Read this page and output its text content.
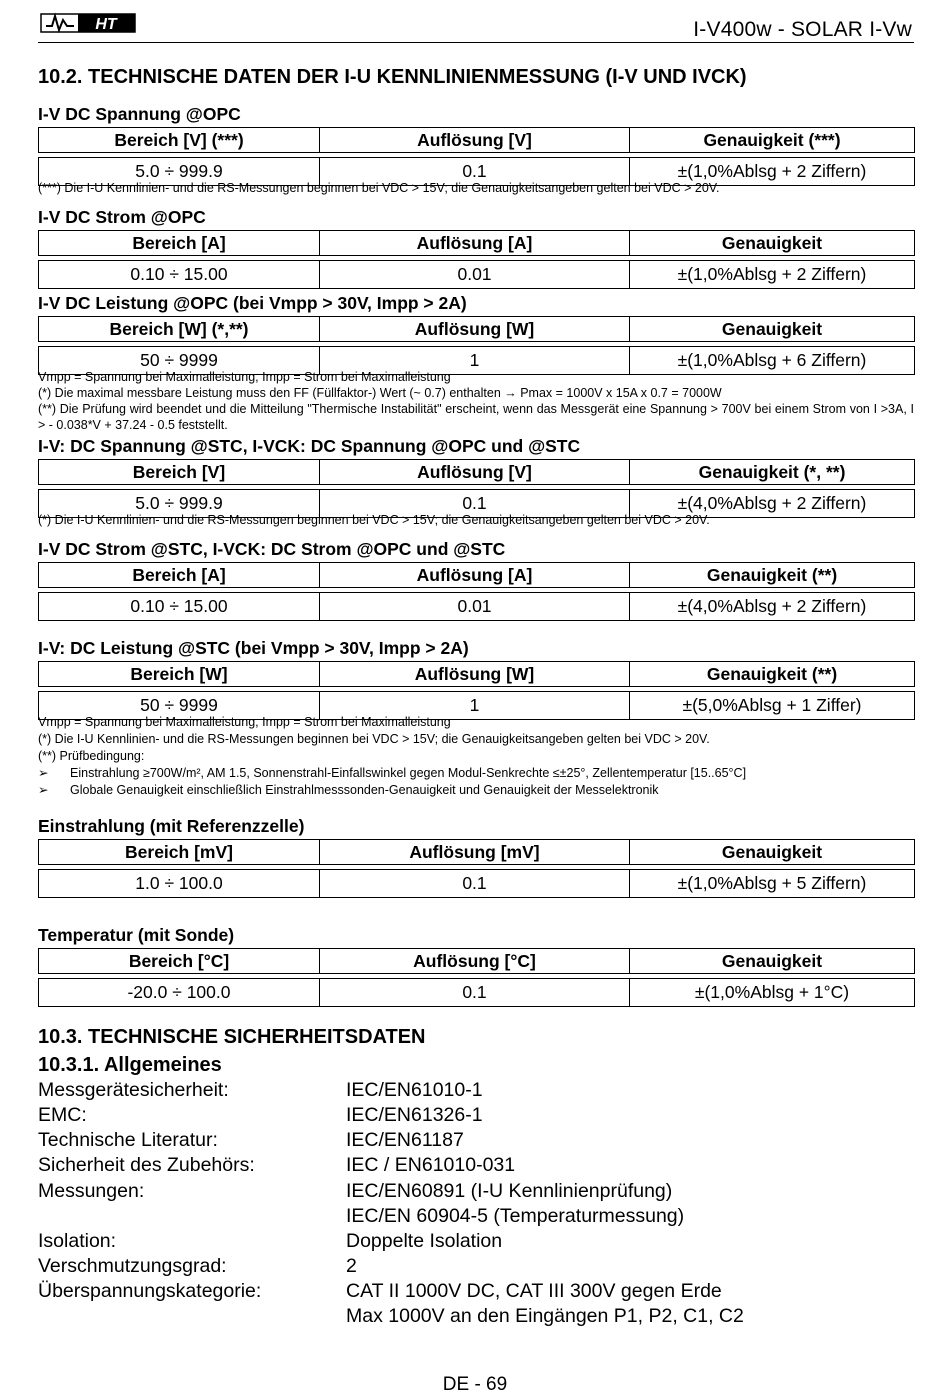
HT	I-V400w - SOLAR I-Vw
10.2. TECHNISCHE DATEN DER I-U KENNLINIENMESSUNG (I-V UND IVCK)
I-V DC Spannung @OPC
Bereich [V] (***)	Auflösung [V]	Genauigkeit (***)

5.0 ÷ 999.9	0.1	±(1,0%Ablsg + 2 Ziffern)
(***) Die I-U Kennlinien- und die RS-Messungen beginnen bei VDC > 15V; die Genauigkeitsangeben gelten bei VDC > 20V.
I-V DC Strom @OPC
Bereich [A]	Auflösung [A]	Genauigkeit

0.10 ÷ 15.00	0.01	±(1,0%Ablsg + 2 Ziffern)
I-V DC Leistung @OPC (bei Vmpp > 30V, Impp > 2A)
Bereich [W] (*,**)	Auflösung [W]	Genauigkeit

50 ÷ 9999	1	±(1,0%Ablsg + 6 Ziffern)
Vmpp = Spannung bei Maximalleistung, Impp = Strom bei Maximalleistung
(*) Die maximal messbare Leistung muss den FF (Füllfaktor-) Wert (~ 0.7) enthalten → Pmax = 1000V x 15A x 0.7 = 7000W
(**) Die Prüfung wird beendet und die Mitteilung "Thermische Instabilität" erscheint, wenn das Messgerät eine Spannung > 700V bei einem Strom von I >3A, I > - 0.038*V + 37.24 - 0.5 feststellt.
I-V: DC Spannung @STC, I-VCK: DC Spannung @OPC und @STC
Bereich [V]	Auflösung [V]	Genauigkeit (*, **)

5.0 ÷ 999.9	0.1	±(4,0%Ablsg + 2 Ziffern)
(*) Die I-U Kennlinien- und die RS-Messungen beginnen bei VDC > 15V; die Genauigkeitsangeben gelten bei VDC > 20V.
I-V DC Strom @STC, I-VCK: DC Strom @OPC und @STC
Bereich [A]	Auflösung [A]	Genauigkeit (**)

0.10 ÷ 15.00	0.01	±(4,0%Ablsg + 2 Ziffern)
I-V: DC Leistung @STC (bei Vmpp > 30V, Impp > 2A)
Bereich [W]	Auflösung [W]	Genauigkeit (**)

50 ÷ 9999	1	±(5,0%Ablsg + 1 Ziffer)
Vmpp = Spannung bei Maximalleistung, Impp = Strom bei Maximalleistung
(*) Die I-U Kennlinien- und die RS-Messungen beginnen bei VDC > 15V; die Genauigkeitsangeben gelten bei VDC > 20V.
(**) Prüfbedingung:
➢ Einstrahlung ≥700W/m², AM 1.5, Sonnenstrahl-Einfallswinkel gegen Modul-Senkrechte ≤±25°, Zellentemperatur [15..65°C]
➢ Globale Genauigkeit einschließlich Einstrahlmesssonden-Genauigkeit und Genauigkeit der Messelektronik
Einstrahlung (mit Referenzzelle)
Bereich [mV]	Auflösung [mV]	Genauigkeit

1.0 ÷ 100.0	0.1	±(1,0%Ablsg + 5 Ziffern)
Temperatur (mit Sonde)
Bereich [°C]	Auflösung [°C]	Genauigkeit

-20.0 ÷ 100.0	0.1	±(1,0%Ablsg + 1°C)
10.3. TECHNISCHE SICHERHEITSDATEN
10.3.1. Allgemeines
Messgerätesicherheit:	IEC/EN61010-1
EMC:	IEC/EN61326-1
Technische Literatur:	IEC/EN61187
Sicherheit des Zubehörs:	IEC / EN61010-031
Messungen:	IEC/EN60891 (I-U Kennlinienprüfung)
IEC/EN 60904-5 (Temperaturmessung)
Isolation:	Doppelte Isolation
Verschmutzungsgrad:	2
Überspannungskategorie:	CAT II 1000V DC, CAT III 300V gegen Erde
Max 1000V an den Eingängen P1, P2, C1, C2
DE - 69
